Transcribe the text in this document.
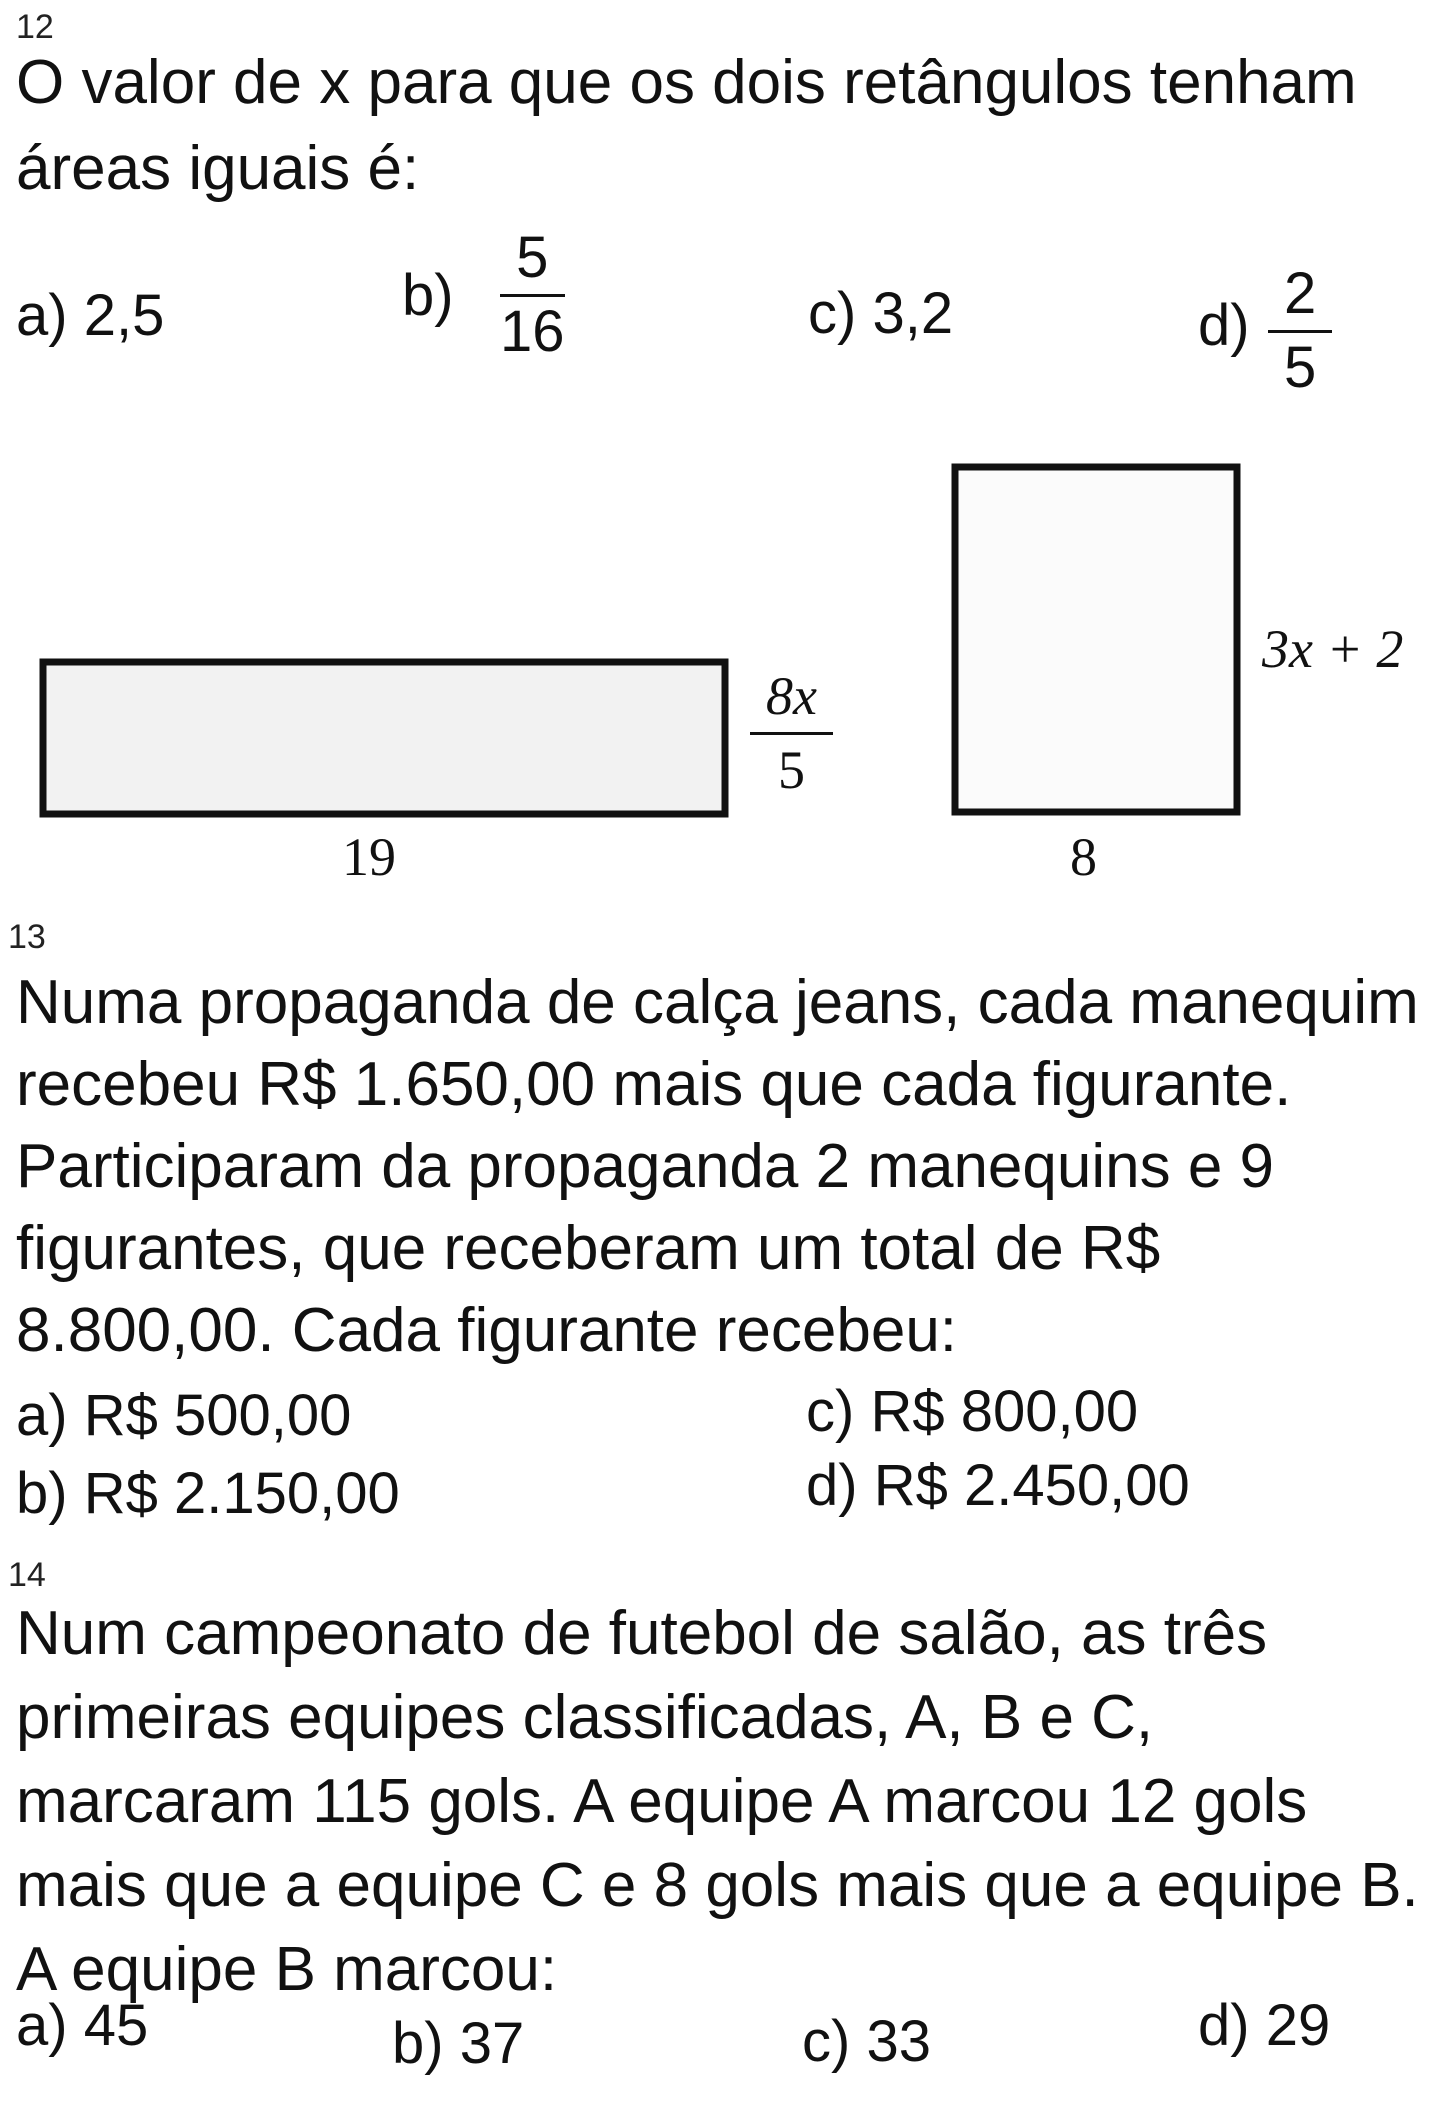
12
O valor de x para que os dois retângulos tenham áreas iguais é:
a) 2,5	$b) \frac{5}{16}$	c) 3,2	$d) \frac{2}{5}$
19
$\frac{8x}{5}$
3x + 2
8
13
Numa propaganda de calça jeans, cada manequim recebeu R$ 1.650,00 mais que cada figurante. Participaram da propaganda 2 manequins e 9 figurantes, que receberam um total de R$ 8.800,00. Cada figurante recebeu:
a) R$ 500,00
b) R$ 2.150,00
c) R$ 800,00
d) R$ 2.450,00
14
Num campeonato de futebol de salão, as três primeiras equipes classificadas, A, B e C, marcaram 115 gols. A equipe A marcou 12 gols mais que a equipe C e 8 gols mais que a equipe B. A equipe B marcou:
a) 45	b) 37	c) 33	d) 29
